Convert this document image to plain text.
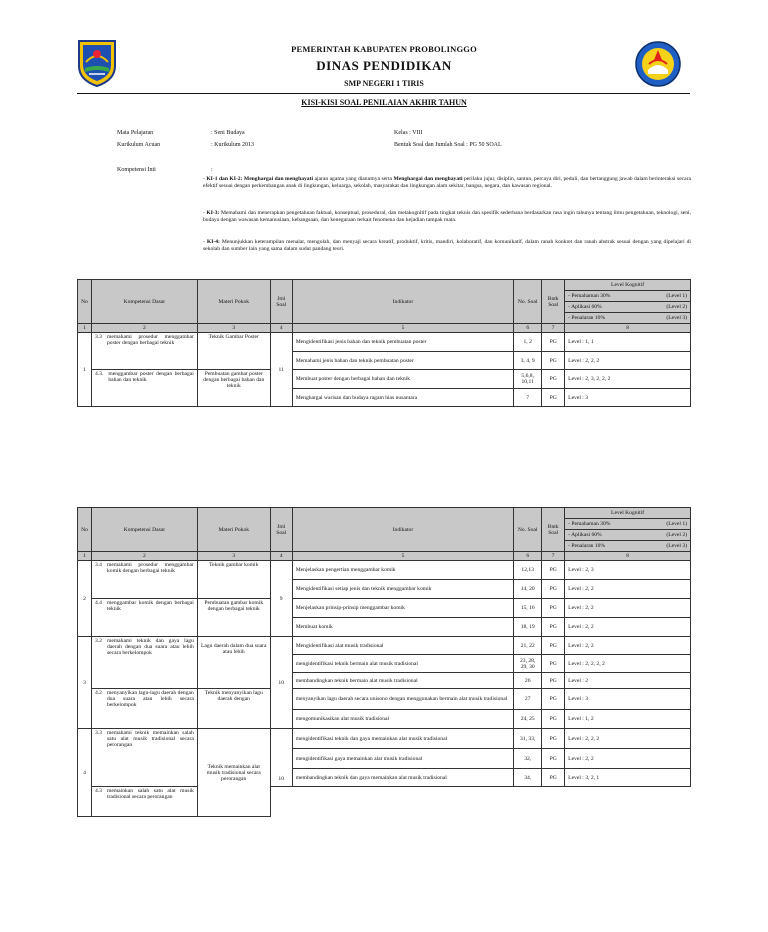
PEMERINTAH KABUPATEN PROBOLINGGO
DINAS PENDIDIKAN
SMP NEGERI 1 TIRIS
KISI-KISI SOAL PENILAIAN AKHIR TAHUN
Mata Pelajaran	: Seni Budaya
Kurikulum Acuan	: Kurikulum 2013
Kelas : VIII
Bentuk Soal dan Jumlah Soal : PG 50 SOAL
Kompetensi Inti	:
- KI-1 dan KI-2: Menghargai dan menghayati ajaran agama yang dianutnya serta Menghargai dan menghayati perilaku jujur, disiplin, santun, percaya diri, peduli, dan bertanggung jawab dalam berinteraksi secara efektif sesuai dengan perkembangan anak di lingkungan, keluarga, sekolah, masyarakat dan lingkungan alam sekitar, bangsa, negara, dan kawasan regional.
- KI-3: Memahami dan menerapkan pengetahuan faktual, konseptual, prosedural, dan metakognitif pada tingkat teknis dan spesifik sederhana berdasarkan rasa ingin tahunya tentang ilmu pengetahuan, teknologi, seni, budaya dengan wawasan kemanusiaan, kebangsaan, dan kenegaraan terkait fenomena dan kejadian tampak mata.
- KI-4: Menunjukkan keterampilan menalar, mengolah, dan menyaji secara kreatif, produktif, kritis, mandiri, kolaboratif, dan komunikatif, dalam ranah konkret dan ranah abstrak sesuai dengan yang dipelajari di sekolah dan sumber lain yang sama dalam sudut pandang teori.
No	Kompetensi Dasar	Materi Pokok	Jml Soal	Indikator	No. Soal	Bntk Soal	Level Kognitif

							- Pemahaman 30% (Level 1)

							- Aplikasi 60% (Level 2)

							- Penalaran 10% (Level 3)

1	2	3	4	5	6	7	8
1	3.3 memahami prosedur menggambar poster dengan berbagai teknik	Teknik Gambar Poster	11	Mengidentifikasi jenis bahan dan teknik pembuatan poster	1, 2	PG	Level : 1, 1
				Memahami jenis bahan dan teknik pembuatan poster	3, 4, 9	PG	Level : 2, 2, 2

	4.3. menggambar poster dengan berbagai bahan dan teknik	Pembuatan gambar poster dengan berbagai bahan dan teknik		Membuat poster dengan berbagai bahan dan teknik	5,6,8, 10,11	PG	Level : 2, 3, 2, 2, 2
				Menghargai warisan dan budaya ragam hias nusantara	7	PG	Level : 3
No	Kompetensi Dasar	Materi Pokok	Jml Soal	Indikator	No. Soal	Bntk Soal	Level Kognitif

							- Pemahaman 30% (Level 1)

							- Aplikasi 60% (Level 2)

							- Penalaran 10% (Level 3)

1	2	3	4	5	6	7	8
2	3.4 memahami prosedur menggambar komik dengan berbagai teknik	Teknik gambar komik	9	Menjelaskan pengertian menggambar komik	12,13	PG	Level : 2, 3
				Mengidentifikasi setiap jenis dan teknik menggambar komik	14, 20	PG	Level : 2, 2

	4.4 menggambar komik dengan berbagai teknik	Pembuatan gambar komik dengan berbagai teknik		Menjelaskan prinsip-prinsip menggambar komik	15, 16	PG	Level : 2, 2
				Membuat komik	18, 19	PG	Level : 2, 2
3	3.2 memahami teknik dan gaya lagu daerah dengan dua suara atau lebih secara berkelompok	Lagu daerah dalam dua suara atau lebih	10	Mengidentifikasi alat musik tradisional	21, 22	PG	Level : 2, 2
				mengidentifikasi teknik bermain alat musik tradisional	23, 28, 29, 30	PG	Level : 2, 2, 2, 2
				membandingkan teknik bermain alat musik tradisional	26	PG	Level : 2

	4.2 menyanyikan lagu-lagu daerah dengan dua suara atau lebih secara berkelompok	Teknik menyanyikan lagu daerah dengan		menyanyikan lagu daerah secara unisono dengan menggunakan bermain alat musik tradisional	27	PG	Level : 3
				mengomunikasikan alat musik tradisional	24, 25	PG	Level : 1, 2
4	3.3 memahami teknik memainkan salah satu alat musik tradisional secara perorangan	Teknik memainkan alat musik tradisional secara perorangan	10	mengidentifikasi teknik dan gaya memainkan alat musik tradisional	31, 33,	PG	Level : 2, 2, 2
				mengidentifikasi gaya memainkan alat musik tradisional	32,	PG	Level : 2, 2
				membandingkan teknik dan gaya memainkan alat musik tradisional	34,	PG	Level : 3, 2, 1

	4.3 memainkan salah satu alat musik tradisional secara perorangan						
